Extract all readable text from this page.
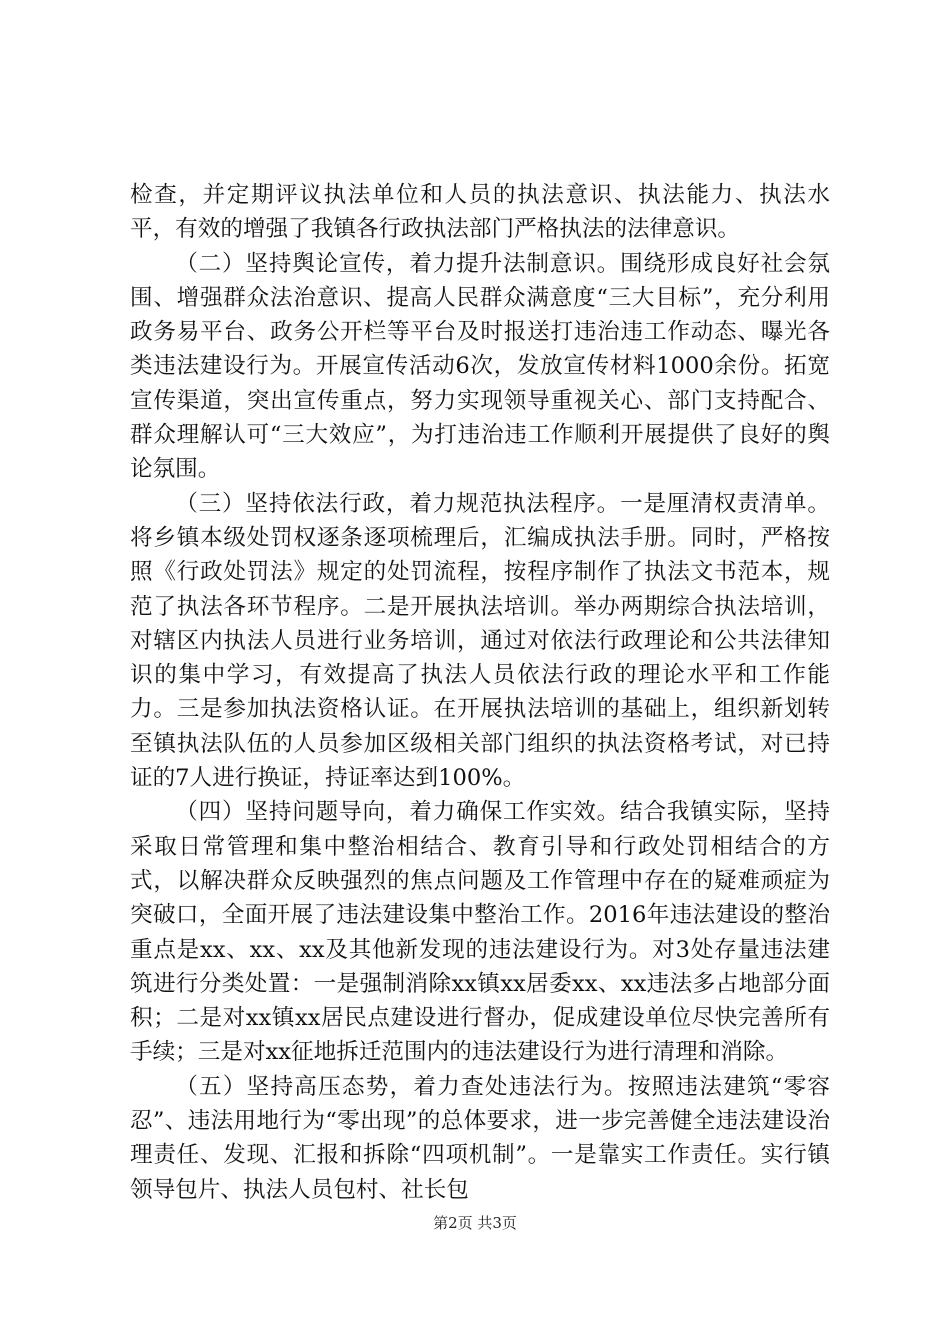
检查，并定期评议执法单位和人员的执法意识、执法能力、执法水平，有效的增强了我镇各行政执法部门严格执法的法律意识。

（二）坚持舆论宣传，着力提升法制意识。围绕形成良好社会氛围、增强群众法治意识、提高人民群众满意度“三大目标”，充分利用政务易平台、政务公开栏等平台及时报送打违治违工作动态、曝光各类违法建设行为。开展宣传活动6次，发放宣传材料1000余份。拓宽宣传渠道，突出宣传重点，努力实现领导重视关心、部门支持配合、群众理解认可“三大效应”，为打违治违工作顺利开展提供了良好的舆论氛围。

（三）坚持依法行政，着力规范执法程序。一是厘清权责清单。将乡镇本级处罚权逐条逐项梳理后，汇编成执法手册。同时，严格按照《行政处罚法》规定的处罚流程，按程序制作了执法文书范本，规范了执法各环节程序。二是开展执法培训。举办两期综合执法培训，对辖区内执法人员进行业务培训，通过对依法行政理论和公共法律知识的集中学习，有效提高了执法人员依法行政的理论水平和工作能力。三是参加执法资格认证。在开展执法培训的基础上，组织新划转至镇执法队伍的人员参加区级相关部门组织的执法资格考试，对已持证的7人进行换证，持证率达到100%。

（四）坚持问题导向，着力确保工作实效。结合我镇实际，坚持采取日常管理和集中整治相结合、教育引导和行政处罚相结合的方式，以解决群众反映强烈的焦点问题及工作管理中存在的疑难顽症为突破口，全面开展了违法建设集中整治工作。2016年违法建设的整治重点是xx、xx、xx及其他新发现的违法建设行为。对3处存量违法建筑进行分类处置：一是强制消除xx镇xx居委xx、xx违法多占地部分面积；二是对xx镇xx居民点建设进行督办，促成建设单位尽快完善所有手续；三是对xx征地拆迁范围内的违法建设行为进行清理和消除。

（五）坚持高压态势，着力查处违法行为。按照违法建筑“零容忍”、违法用地行为“零出现”的总体要求，进一步完善健全违法建设治理责任、发现、汇报和拆除“四项机制”。一是靠实工作责任。实行镇领导包片、执法人员包村、社长包

第2页 共3页
